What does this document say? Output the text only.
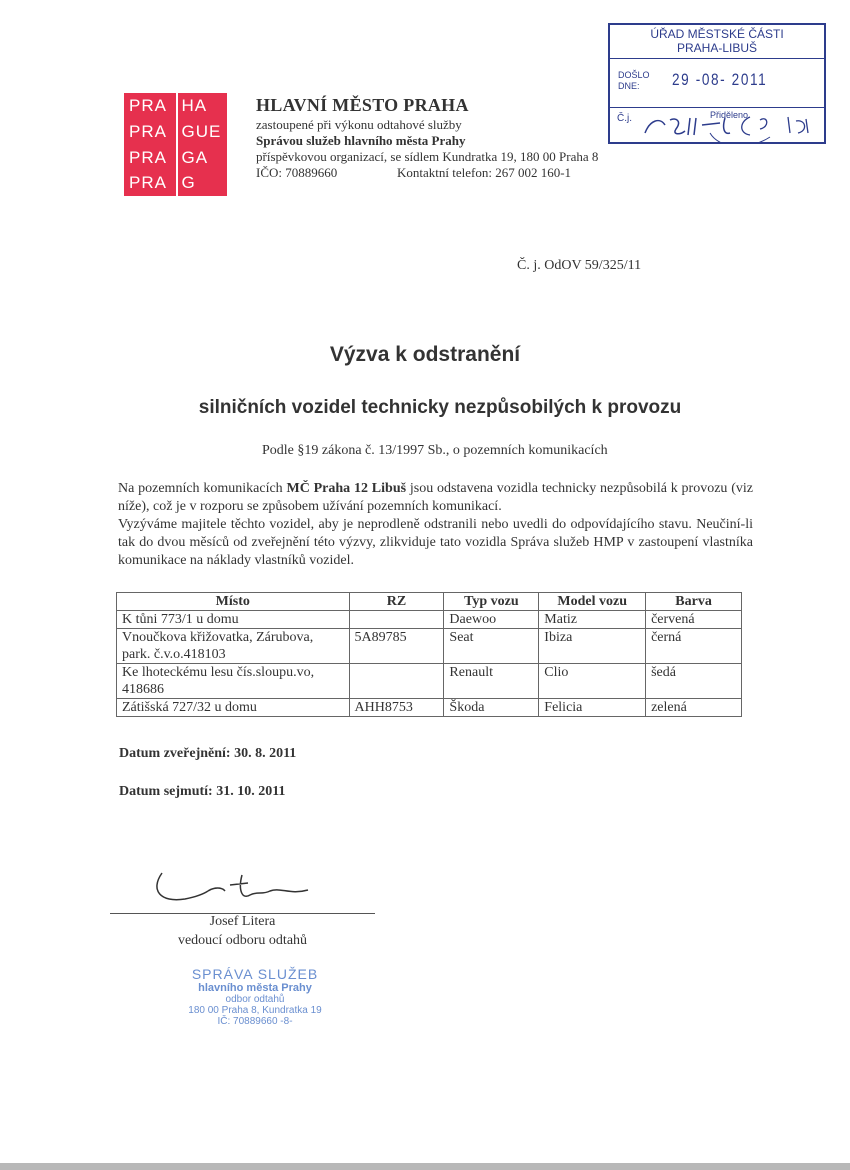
PRA HA
PRA GUE
PRA GA
PRA G
HLAVNÍ MĚSTO PRAHA
zastoupené při výkonu odtahové služby
Správou služeb hlavního města Prahy
příspěvkovou organizací, se sídlem Kundratka 19, 180 00 Praha 8
IČO: 70889660	Kontaktní telefon: 267 002 160-1
ÚŘAD MĚSTSKÉ ČÁSTI
PRAHA-LIBUŠ
DOŠLO
DNE:	29 -08- 2011
Č.j.	Přiděleno
Č. j. OdOV 59/325/11
Výzva k odstranění
silničních vozidel technicky nezpůsobilých k provozu
Podle §19 zákona č. 13/1997 Sb., o pozemních komunikacích

Na pozemních komunikacích MČ Praha 12 Libuš jsou odstavena vozidla technicky nezpůsobilá k provozu (viz níže), což je v rozporu se způsobem užívání pozemních komunikací.

Vyzýváme majitele těchto vozidel, aby je neprodleně odstranili nebo uvedli do odpovídajícího stavu. Neučiní-li tak do dvou měsíců od zveřejnění této výzvy, zlikviduje tato vozidla Správa služeb HMP v zastoupení vlastníka komunikace na náklady vlastníků vozidel.

Místo	RZ	Typ vozu	Model vozu	Barva
K tůni 773/1 u domu		Daewoo	Matiz	červená
Vnoučkova křižovatka, Zárubova, park. č.v.o.418103	5A89785	Seat	Ibiza	černá
Ke lhoteckému lesu čís.sloupu.vo, 418686		Renault	Clio	šedá
Zátišská 727/32 u domu	AHH8753	Škoda	Felicia	zelená
Datum zveřejnění: 30. 8. 2011
Datum sejmutí: 31. 10. 2011
Josef Litera
vedoucí odboru odtahů
SPRÁVA SLUŽEB
hlavního města Prahy
odbor odtahů
180 00 Praha 8, Kundratka 19
IČ: 70889660 -8-
